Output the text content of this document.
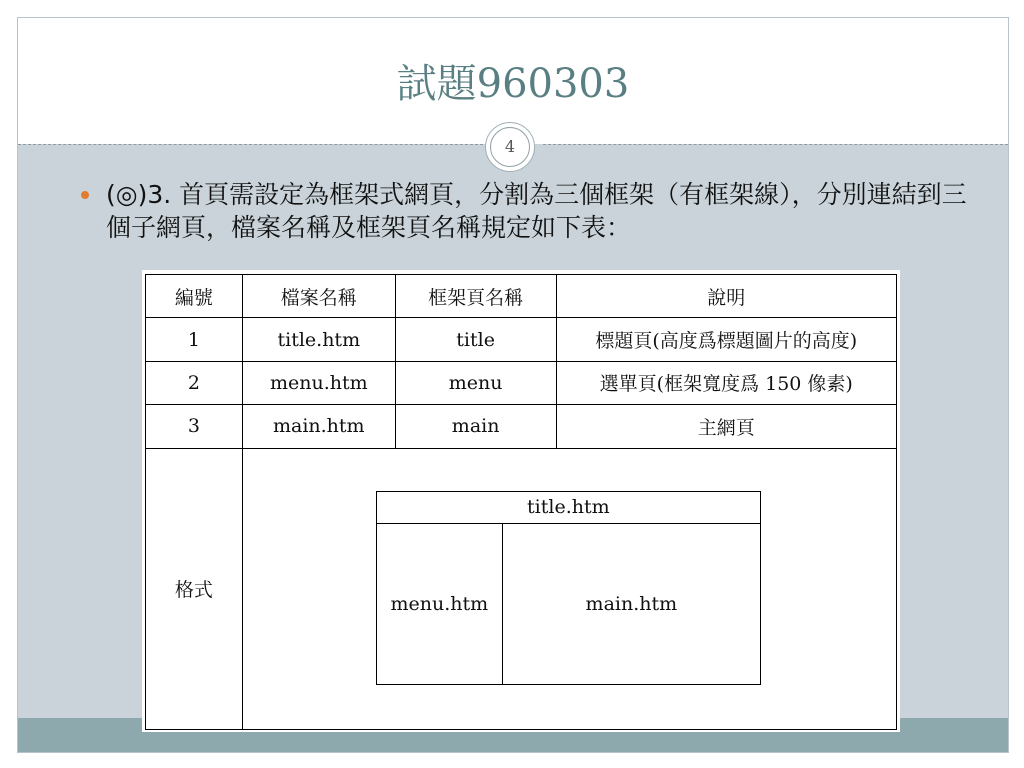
試題960303
4
(◎)3. 首頁需設定為框架式網頁，分割為三個框架（有框架線），分別連結到三個子網頁，檔案名稱及框架頁名稱規定如下表：
編號	檔案名稱	框架頁名稱	說明
1	title.htm	title	標題頁(高度爲標題圖片的高度)
2	menu.htm	menu	選單頁(框架寬度爲 150 像素)
3	main.htm	main	主網頁
格式	title.htm
menu.htm main.htm		
